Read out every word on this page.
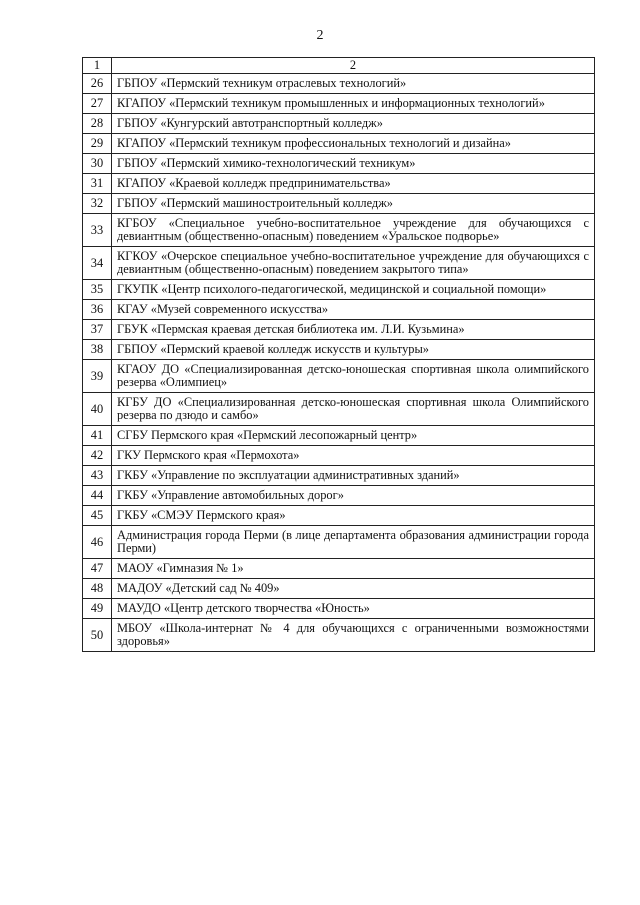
2
1	2
26	ГБПОУ «Пермский техникум отраслевых технологий»
27	КГАПОУ «Пермский техникум промышленных и информационных технологий»
28	ГБПОУ «Кунгурский автотранспортный колледж»
29	КГАПОУ «Пермский техникум профессиональных технологий и дизайна»
30	ГБПОУ «Пермский химико-технологический техникум»
31	КГАПОУ «Краевой колледж предпринимательства»
32	ГБПОУ «Пермский машиностроительный колледж»
33	КГБОУ «Специальное учебно-воспитательное учреждение для обучающихся с девиантным (общественно-опасным) поведением «Уральское подворье»
34	КГКОУ «Очерское специальное учебно-воспитательное учреждение для обучающихся с девиантным (общественно-опасным) поведением закрытого типа»
35	ГКУПК «Центр психолого-педагогической, медицинской и социальной помощи»
36	КГАУ «Музей современного искусства»
37	ГБУК «Пермская краевая детская библиотека им. Л.И. Кузьмина»
38	ГБПОУ «Пермский краевой колледж искусств и культуры»
39	КГАОУ ДО «Специализированная детско-юношеская спортивная школа олимпийского резерва «Олимпиец»
40	КГБУ ДО «Специализированная детско-юношеская спортивная школа Олимпийского резерва по дзюдо и самбо»
41	СГБУ Пермского края «Пермский лесопожарный центр»
42	ГКУ Пермского края «Пермохота»
43	ГКБУ «Управление по эксплуатации административных зданий»
44	ГКБУ «Управление автомобильных дорог»
45	ГКБУ «СМЭУ Пермского края»
46	Администрация города Перми (в лице департамента образования администрации города Перми)
47	МАОУ «Гимназия № 1»
48	МАДОУ «Детский сад № 409»
49	МАУДО «Центр детского творчества «Юность»
50	МБОУ «Школа-интернат № 4 для обучающихся с ограниченными возможностями здоровья»
